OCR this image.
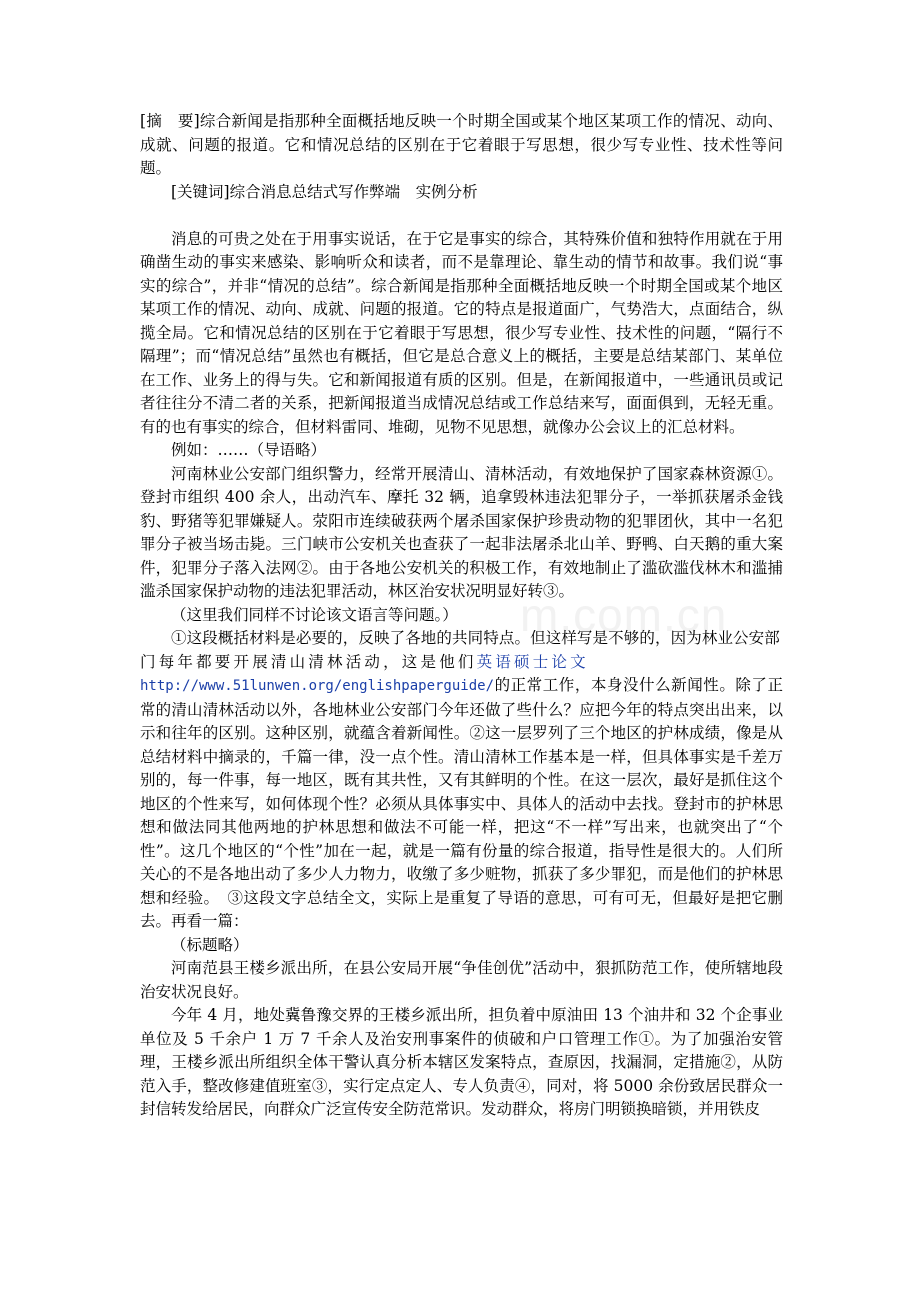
m.com.cn

[摘　要]综合新闻是指那种全面概括地反映一个时期全国或某个地区某项工作的情况、动向、成就、问题的报道。它和情况总结的区别在于它着眼于写思想，很少写专业性、技术性等问题。

[关键词]综合消息总结式写作弊端　实例分析

消息的可贵之处在于用事实说话，在于它是事实的综合，其特殊价值和独特作用就在于用确凿生动的事实来感染、影响听众和读者，而不是靠理论、靠生动的情节和故事。我们说“事实的综合”，并非“情况的总结”。综合新闻是指那种全面概括地反映一个时期全国或某个地区某项工作的情况、动向、成就、问题的报道。它的特点是报道面广，气势浩大，点面结合，纵揽全局。它和情况总结的区别在于它着眼于写思想，很少写专业性、技术性的问题，“隔行不隔理”；而“情况总结”虽然也有概括，但它是总合意义上的概括，主要是总结某部门、某单位在工作、业务上的得与失。它和新闻报道有质的区别。但是，在新闻报道中，一些通讯员或记者往往分不清二者的关系，把新闻报道当成情况总结或工作总结来写，面面俱到，无轻无重。有的也有事实的综合，但材料雷同、堆砌，见物不见思想，就像办公会议上的汇总材料。

例如：……（导语略）

河南林业公安部门组织警力，经常开展清山、清林活动，有效地保护了国家森林资源①。登封市组织 400 余人，出动汽车、摩托 32 辆，追拿毁林违法犯罪分子，一举抓获屠杀金钱豹、野猪等犯罪嫌疑人。荥阳市连续破获两个屠杀国家保护珍贵动物的犯罪团伙，其中一名犯罪分子被当场击毙。三门峡市公安机关也查获了一起非法屠杀北山羊、野鸭、白天鹅的重大案件，犯罪分子落入法网②。由于各地公安机关的积极工作，有效地制止了滥砍滥伐林木和滥捕滥杀国家保护动物的违法犯罪活动，林区治安状况明显好转③。

（这里我们同样不讨论该文语言等问题。）

①这段概括材料是必要的，反映了各地的共同特点。但这样写是不够的，因为林业公安部门每年都要开展清山清林活动，这是他们英语硕士论文
http://www.51lunwen.org/englishpaperguide/的正常工作，本身没什么新闻性。除了正常的清山清林活动以外，各地林业公安部门今年还做了些什么？应把今年的特点突出出来，以示和往年的区别。这种区别，就蕴含着新闻性。②这一层罗列了三个地区的护林成绩，像是从总结材料中摘录的，千篇一律，没一点个性。清山清林工作基本是一样，但具体事实是千差万别的，每一件事，每一地区，既有其共性，又有其鲜明的个性。在这一层次，最好是抓住这个地区的个性来写，如何体现个性？必须从具体事实中、具体人的活动中去找。登封市的护林思想和做法同其他两地的护林思想和做法不可能一样，把这“不一样”写出来，也就突出了“个性”。这几个地区的“个性”加在一起，就是一篇有份量的综合报道，指导性是很大的。人们所关心的不是各地出动了多少人力物力，收缴了多少赃物，抓获了多少罪犯，而是他们的护林思想和经验。　③这段文字总结全文，实际上是重复了导语的意思，可有可无，但最好是把它删去。再看一篇：

（标题略）

河南范县王楼乡派出所，在县公安局开展“争佳创优”活动中，狠抓防范工作，使所辖地段治安状况良好。

今年 4 月，地处冀鲁豫交界的王楼乡派出所，担负着中原油田 13 个油井和 32 个企事业单位及 5 千余户 1 万 7 千余人及治安刑事案件的侦破和户口管理工作①。为了加强治安管理，王楼乡派出所组织全体干警认真分析本辖区发案特点，查原因，找漏洞，定措施②，从防范入手，整改修建值班室③，实行定点定人、专人负责④，同对，将 5000 余份致居民群众一封信转发给居民，向群众广泛宣传安全防范常识。发动群众，将房门明锁换暗锁，并用铁皮
